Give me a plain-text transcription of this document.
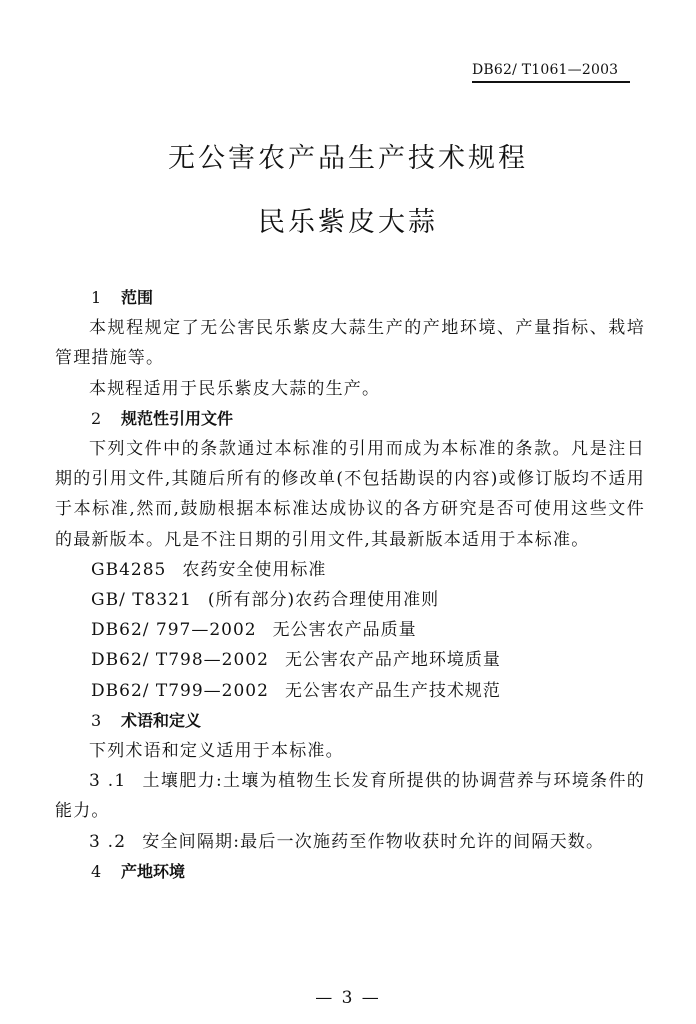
DB62/ T1061—2003
无公害农产品生产技术规程
民乐紫皮大蒜

1 范围

本规程规定了无公害民乐紫皮大蒜生产的产地环境、产量指标、栽培管理措施等。

本规程适用于民乐紫皮大蒜的生产。

2 规范性引用文件

下列文件中的条款通过本标准的引用而成为本标准的条款。凡是注日期的引用文件,其随后所有的修改单(不包括勘误的内容)或修订版均不适用于本标准,然而,鼓励根据本标准达成协议的各方研究是否可使用这些文件的最新版本。凡是不注日期的引用文件,其最新版本适用于本标准。

GB4285 农药安全使用标准

GB/ T8321 (所有部分)农药合理使用准则

DB62/ 797—2002 无公害农产品质量

DB62/ T798—2002 无公害农产品产地环境质量

DB62/ T799—2002 无公害农产品生产技术规范

3 术语和定义

下列术语和定义适用于本标准。

3 .1 土壤肥力:土壤为植物生长发育所提供的协调营养与环境条件的能力。

3 .2 安全间隔期:最后一次施药至作物收获时允许的间隔天数。

4 产地环境

— 3 —
